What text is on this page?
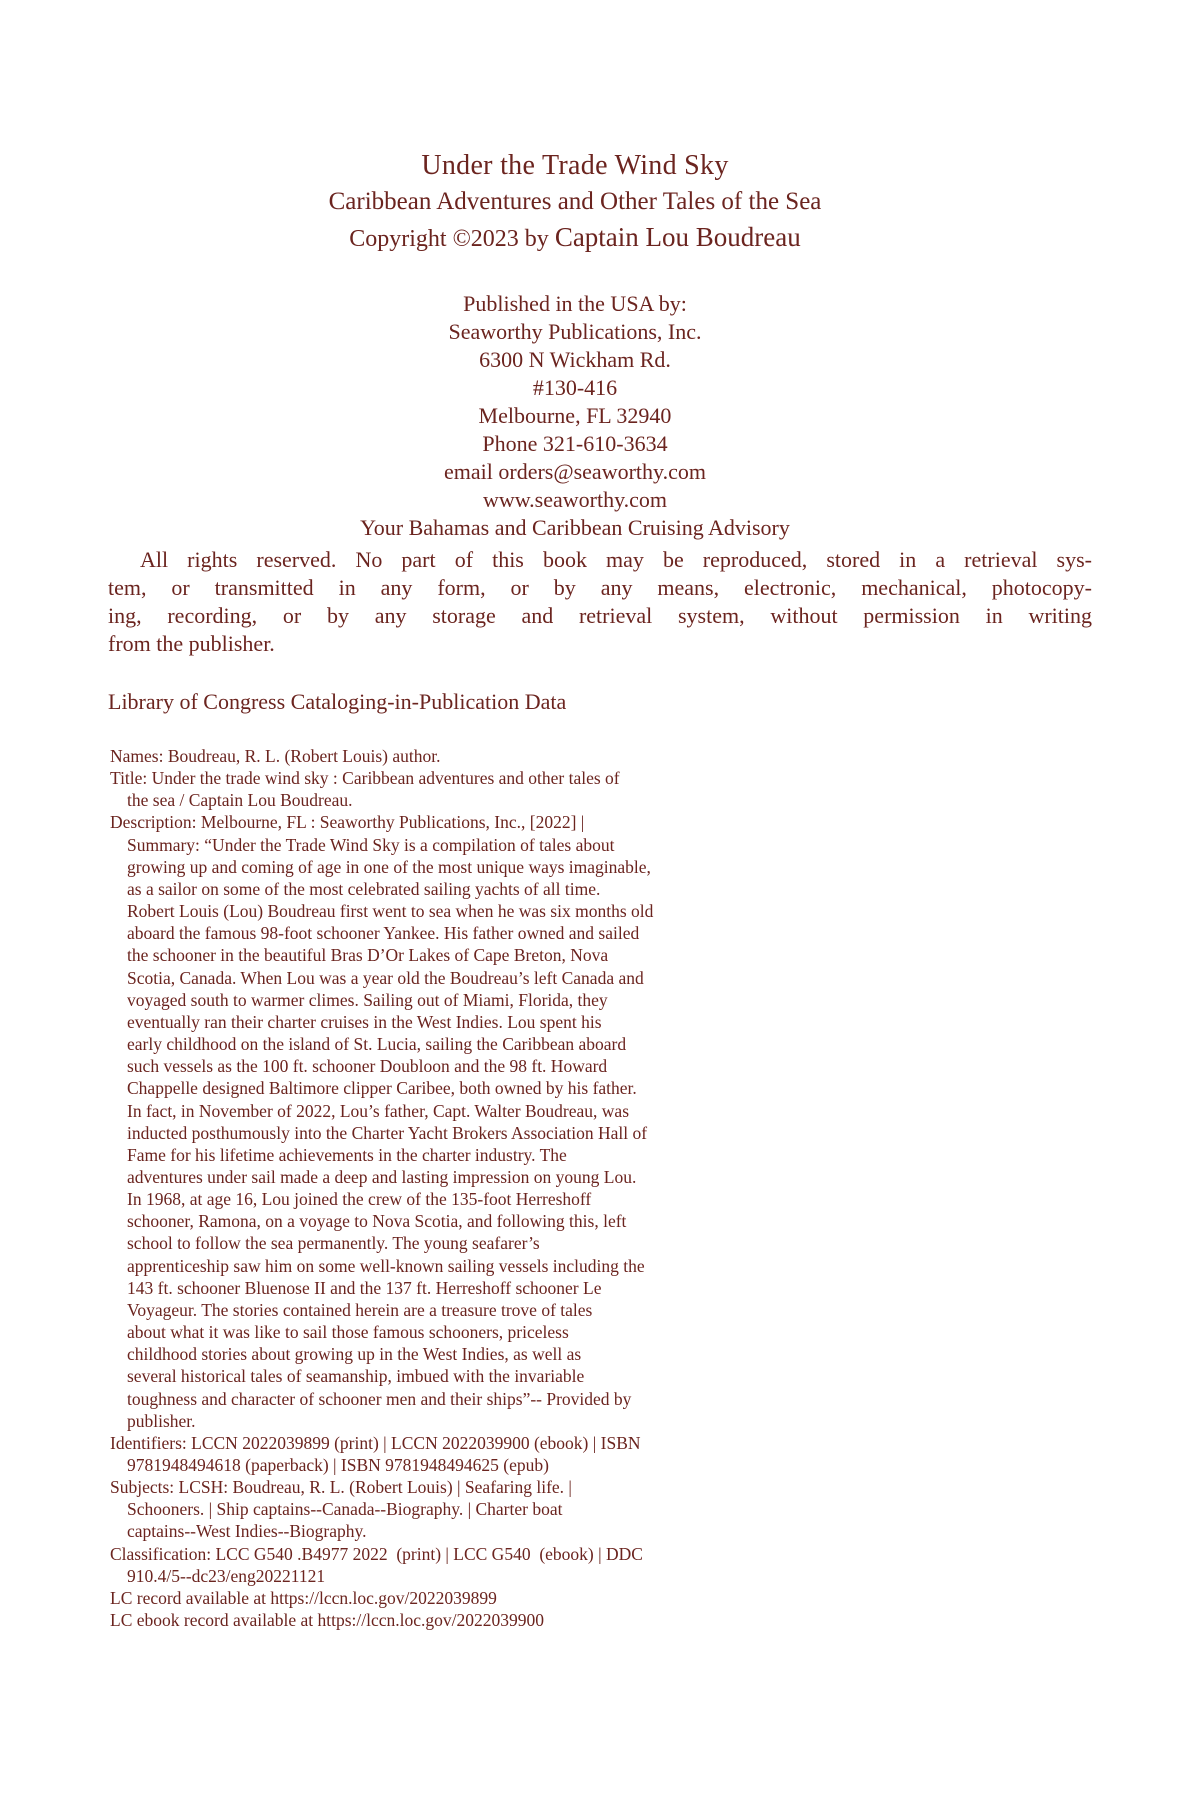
Under the Trade Wind Sky
Caribbean Adventures and Other Tales of the Sea
Copyright ©2023 by Captain Lou Boudreau
Published in the USA by:
Seaworthy Publications, Inc.
6300 N Wickham Rd.
#130-416
Melbourne, FL 32940
Phone 321-610-3634
email orders@seaworthy.com
www.seaworthy.com
Your Bahamas and Caribbean Cruising Advisory
All rights reserved. No part of this book may be reproduced, stored in a retrieval sys-
tem, or transmitted in any form, or by any means, electronic, mechanical, photocopy-
ing, recording, or by any storage and retrieval system, without permission in writing
from the publisher.
Library of Congress Cataloging-in-Publication Data
Names: Boudreau, R. L. (Robert Louis) author.
Title: Under the trade wind sky : Caribbean adventures and other tales of
the sea / Captain Lou Boudreau.
Description: Melbourne, FL : Seaworthy Publications, Inc., [2022] |
Summary: “Under the Trade Wind Sky is a compilation of tales about
growing up and coming of age in one of the most unique ways imaginable,
as a sailor on some of the most celebrated sailing yachts of all time.
Robert Louis (Lou) Boudreau first went to sea when he was six months old
aboard the famous 98-foot schooner Yankee. His father owned and sailed
the schooner in the beautiful Bras D’Or Lakes of Cape Breton, Nova
Scotia, Canada. When Lou was a year old the Boudreau’s left Canada and
voyaged south to warmer climes. Sailing out of Miami, Florida, they
eventually ran their charter cruises in the West Indies. Lou spent his
early childhood on the island of St. Lucia, sailing the Caribbean aboard
such vessels as the 100 ft. schooner Doubloon and the 98 ft. Howard
Chappelle designed Baltimore clipper Caribee, both owned by his father.
In fact, in November of 2022, Lou’s father, Capt. Walter Boudreau, was
inducted posthumously into the Charter Yacht Brokers Association Hall of
Fame for his lifetime achievements in the charter industry. The
adventures under sail made a deep and lasting impression on young Lou.
In 1968, at age 16, Lou joined the crew of the 135-foot Herreshoff
schooner, Ramona, on a voyage to Nova Scotia, and following this, left
school to follow the sea permanently. The young seafarer’s
apprenticeship saw him on some well-known sailing vessels including the
143 ft. schooner Bluenose II and the 137 ft. Herreshoff schooner Le
Voyageur. The stories contained herein are a treasure trove of tales
about what it was like to sail those famous schooners, priceless
childhood stories about growing up in the West Indies, as well as
several historical tales of seamanship, imbued with the invariable
toughness and character of schooner men and their ships”-- Provided by
publisher.
Identifiers: LCCN 2022039899 (print) | LCCN 2022039900 (ebook) | ISBN
9781948494618 (paperback) | ISBN 9781948494625 (epub)
Subjects: LCSH: Boudreau, R. L. (Robert Louis) | Seafaring life. |
Schooners. | Ship captains--Canada--Biography. | Charter boat
captains--West Indies--Biography.
Classification: LCC G540 .B4977 2022  (print) | LCC G540  (ebook) | DDC
910.4/5--dc23/eng20221121
LC record available at https://lccn.loc.gov/2022039899
LC ebook record available at https://lccn.loc.gov/2022039900
